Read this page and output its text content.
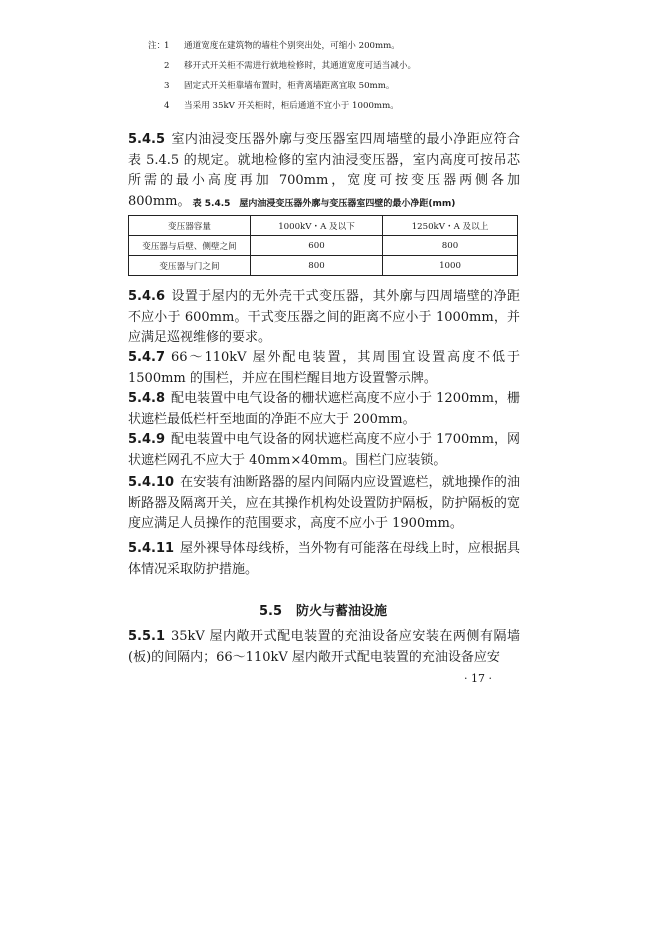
注：
1 通道宽度在建筑物的墙柱个别突出处，可缩小 200mm。
2 移开式开关柜不需进行就地检修时，其通道宽度可适当减小。
3 固定式开关柜靠墙布置时，柜背离墙距离宜取 50mm。
4 当采用 35kV 开关柜时，柜后通道不宜小于 1000mm。
5.4.5 室内油浸变压器外廓与变压器室四周墙壁的最小净距应符合表 5.4.5 的规定。就地检修的室内油浸变压器，室内高度可按吊芯所需的最小高度再加 700mm，宽度可按变压器两侧各加 800mm。 表 5.4.5　屋内油浸变压器外廓与变压器室四壁的最小净距(mm)
变压器容量	1000kV・A 及以下	1250kV・A 及以上
变压器与后壁、侧壁之间	600	800
变压器与门之间	800	1000
5.4.6 设置于屋内的无外壳干式变压器，其外廓与四周墙壁的净距不应小于 600mm。干式变压器之间的距离不应小于 1000mm，并应满足巡视维修的要求。
5.4.7 66～110kV 屋外配电装置，其周围宜设置高度不低于 1500mm 的围栏，并应在围栏醒目地方设置警示牌。
5.4.8 配电装置中电气设备的栅状遮栏高度不应小于 1200mm，栅状遮栏最低栏杆至地面的净距不应大于 200mm。
5.4.9 配电装置中电气设备的网状遮栏高度不应小于 1700mm，网状遮栏网孔不应大于 40mm×40mm。围栏门应装锁。
5.4.10 在安装有油断路器的屋内间隔内应设置遮栏，就地操作的油断路器及隔离开关，应在其操作机构处设置防护隔板，防护隔板的宽度应满足人员操作的范围要求，高度不应小于 1900mm。
5.4.11 屋外裸导体母线桥，当外物有可能落在母线上时，应根据具体情况采取防护措施。
5.5 防火与蓄油设施
5.5.1 35kV 屋内敞开式配电装置的充油设备应安装在两侧有隔墙(板)的间隔内；66～110kV 屋内敞开式配电装置的充油设备应安
· 17 ·
